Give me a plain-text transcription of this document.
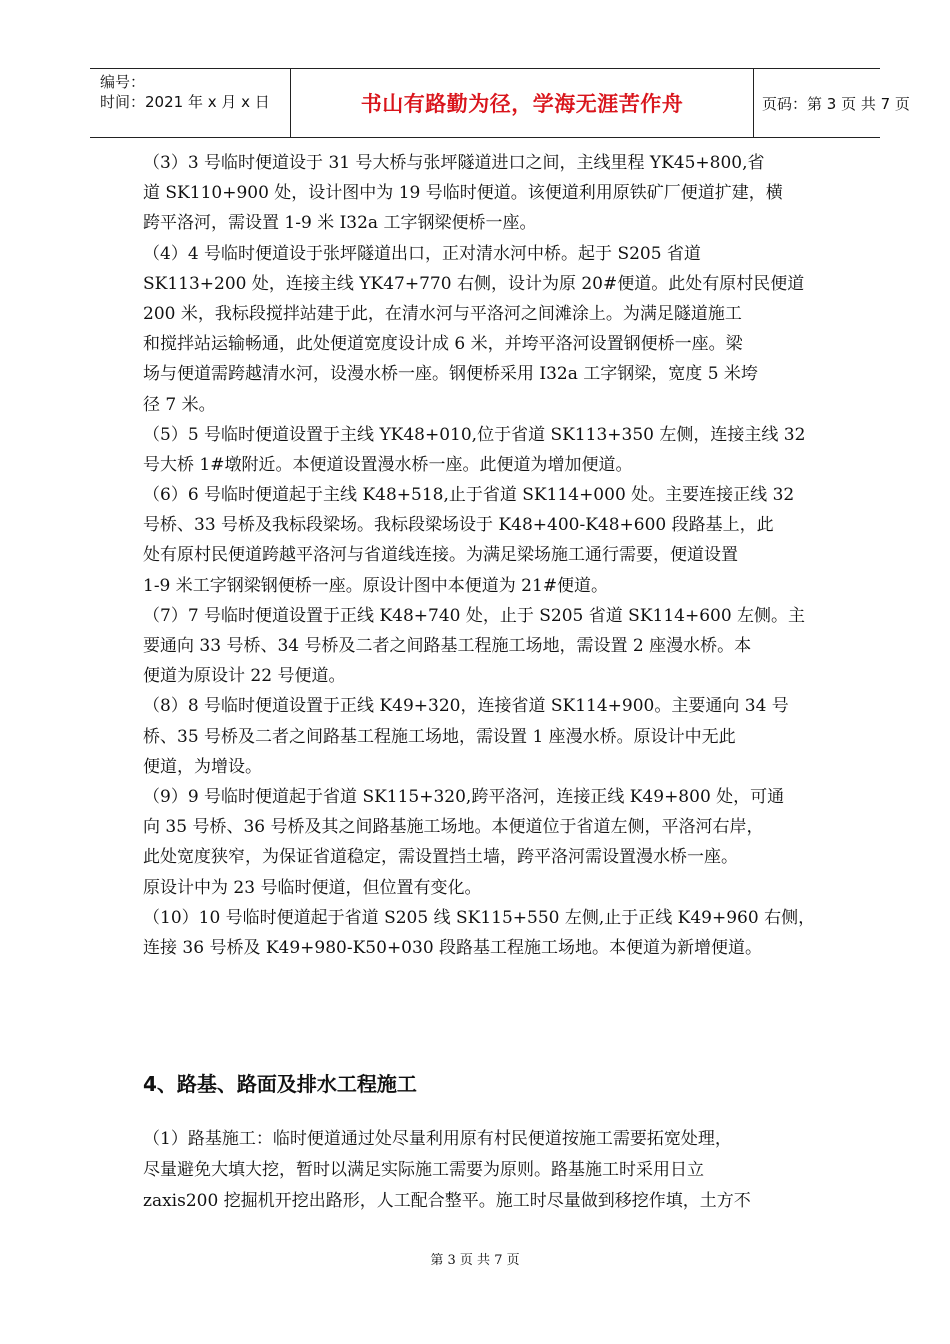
编号：
时间：2021 年 x 月 x 日	书山有路勤为径，学海无涯苦作舟	页码：第 3 页 共 7 页
（3）3 号临时便道设于 31 号大桥与张坪隧道进口之间，主线里程 YK45+800,省
道 SK110+900 处，设计图中为 19 号临时便道。该便道利用原铁矿厂便道扩建，横
跨平洛河，需设置 1-9 米 I32a 工字钢梁便桥一座。
（4）4 号临时便道设于张坪隧道出口，正对清水河中桥。起于 S205 省道
SK113+200 处，连接主线 YK47+770 右侧，设计为原 20#便道。此处有原村民便道
200 米，我标段搅拌站建于此，在清水河与平洛河之间滩涂上。为满足隧道施工
和搅拌站运输畅通，此处便道宽度设计成 6 米，并垮平洛河设置钢便桥一座。梁
场与便道需跨越清水河，设漫水桥一座。钢便桥采用 I32a 工字钢梁，宽度 5 米垮
径 7 米。
（5）5 号临时便道设置于主线 YK48+010,位于省道 SK113+350 左侧，连接主线 32
号大桥 1#墩附近。本便道设置漫水桥一座。此便道为增加便道。
（6）6 号临时便道起于主线 K48+518,止于省道 SK114+000 处。主要连接正线 32
号桥、33 号桥及我标段梁场。我标段梁场设于 K48+400-K48+600 段路基上，此
处有原村民便道跨越平洛河与省道线连接。为满足梁场施工通行需要，便道设置
1-9 米工字钢梁钢便桥一座。原设计图中本便道为 21#便道。
（7）7 号临时便道设置于正线 K48+740 处，止于 S205 省道 SK114+600 左侧。主
要通向 33 号桥、34 号桥及二者之间路基工程施工场地，需设置 2 座漫水桥。本
便道为原设计 22 号便道。
（8）8 号临时便道设置于正线 K49+320，连接省道 SK114+900。主要通向 34 号
桥、35 号桥及二者之间路基工程施工场地，需设置 1 座漫水桥。原设计中无此
便道，为增设。
（9）9 号临时便道起于省道 SK115+320,跨平洛河，连接正线 K49+800 处，可通
向 35 号桥、36 号桥及其之间路基施工场地。本便道位于省道左侧，平洛河右岸，
此处宽度狭窄，为保证省道稳定，需设置挡土墙，跨平洛河需设置漫水桥一座。
原设计中为 23 号临时便道，但位置有变化。
（10）10 号临时便道起于省道 S205 线 SK115+550 左侧,止于正线 K49+960 右侧，
连接 36 号桥及 K49+980-K50+030 段路基工程施工场地。本便道为新增便道。
4、路基、路面及排水工程施工
（1）路基施工：临时便道通过处尽量利用原有村民便道按施工需要拓宽处理，
尽量避免大填大挖，暂时以满足实际施工需要为原则。路基施工时采用日立
zaxis200 挖掘机开挖出路形，人工配合整平。施工时尽量做到移挖作填，土方不
第 3 页 共 7 页
